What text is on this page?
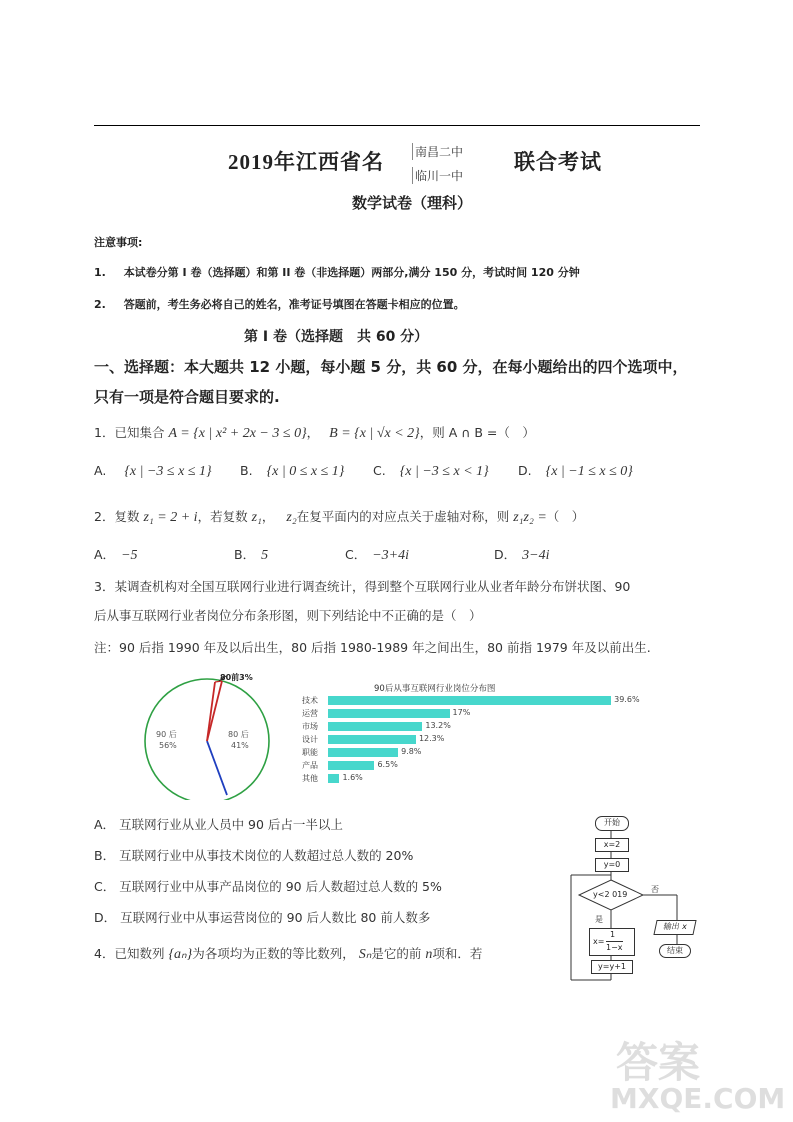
2019年江西省名	南昌二中
临川一中
联合考试
数学试卷（理科）
注意事项:
1. 本试卷分第 I 卷（选择题）和第 II 卷（非选择题）两部分,满分 150 分，考试时间 120 分钟
2. 答题前，考生务必将自己的姓名，准考证号填图在答题卡相应的位置。
第 I 卷（选择题　共 60 分）
一、选择题：本大题共 12 小题，每小题 5 分，共 60 分，在每小题给出的四个选项中，
只有一项是符合题目要求的.
1．已知集合 A = {x | x² + 2x − 3 ≤ 0}， B = {x | √x < 2}，则 A ∩ B =（　）
A. {x | −3 ≤ x ≤ 1} B. {x | 0 ≤ x ≤ 1} C. {x | −3 ≤ x < 1} D. {x | −1 ≤ x ≤ 0}
2．复数 z₁ = 2 + i，若复数 z₁， z₂在复平面内的对应点关于虚轴对称，则 z₁z₂ =（　）
A． −5	B． 5	C． −3+4i	D． 3−4i
3．某调查机构对全国互联网行业进行调查统计，得到整个互联网行业从业者年龄分布饼状图、90
后从事互联网行业者岗位分布条形图，则下列结论中不正确的是（　）
注：90 后指 1990 年及以后出生，80 后指 1980-1989 年之间出生，80 前指 1979 年及以前出生.
90 后
56%
80 后
41%
80前3%
90后从事互联网行业岗位分布图
技术	39.6%
运营	17%
市场	13.2%
设计	12.3%
职能	9.8%
产品	6.5%
其他	1.6%
A． 互联网行业从业人员中 90 后占一半以上
B． 互联网行业中从事技术岗位的人数超过总人数的 20%
C． 互联网行业中从事产品岗位的 90 后人数超过总人数的 5%
D． 互联网行业中从事运营岗位的 90 后人数比 80 前人数多
4．已知数列 {aₙ}为各项均为正数的等比数列， Sₙ是它的前 n项和．若
开始
x=2
y=0
y<2 019
否
是
x=
1
1−x
y=y+1
输出 x
结束
答案
MXQE.COM
